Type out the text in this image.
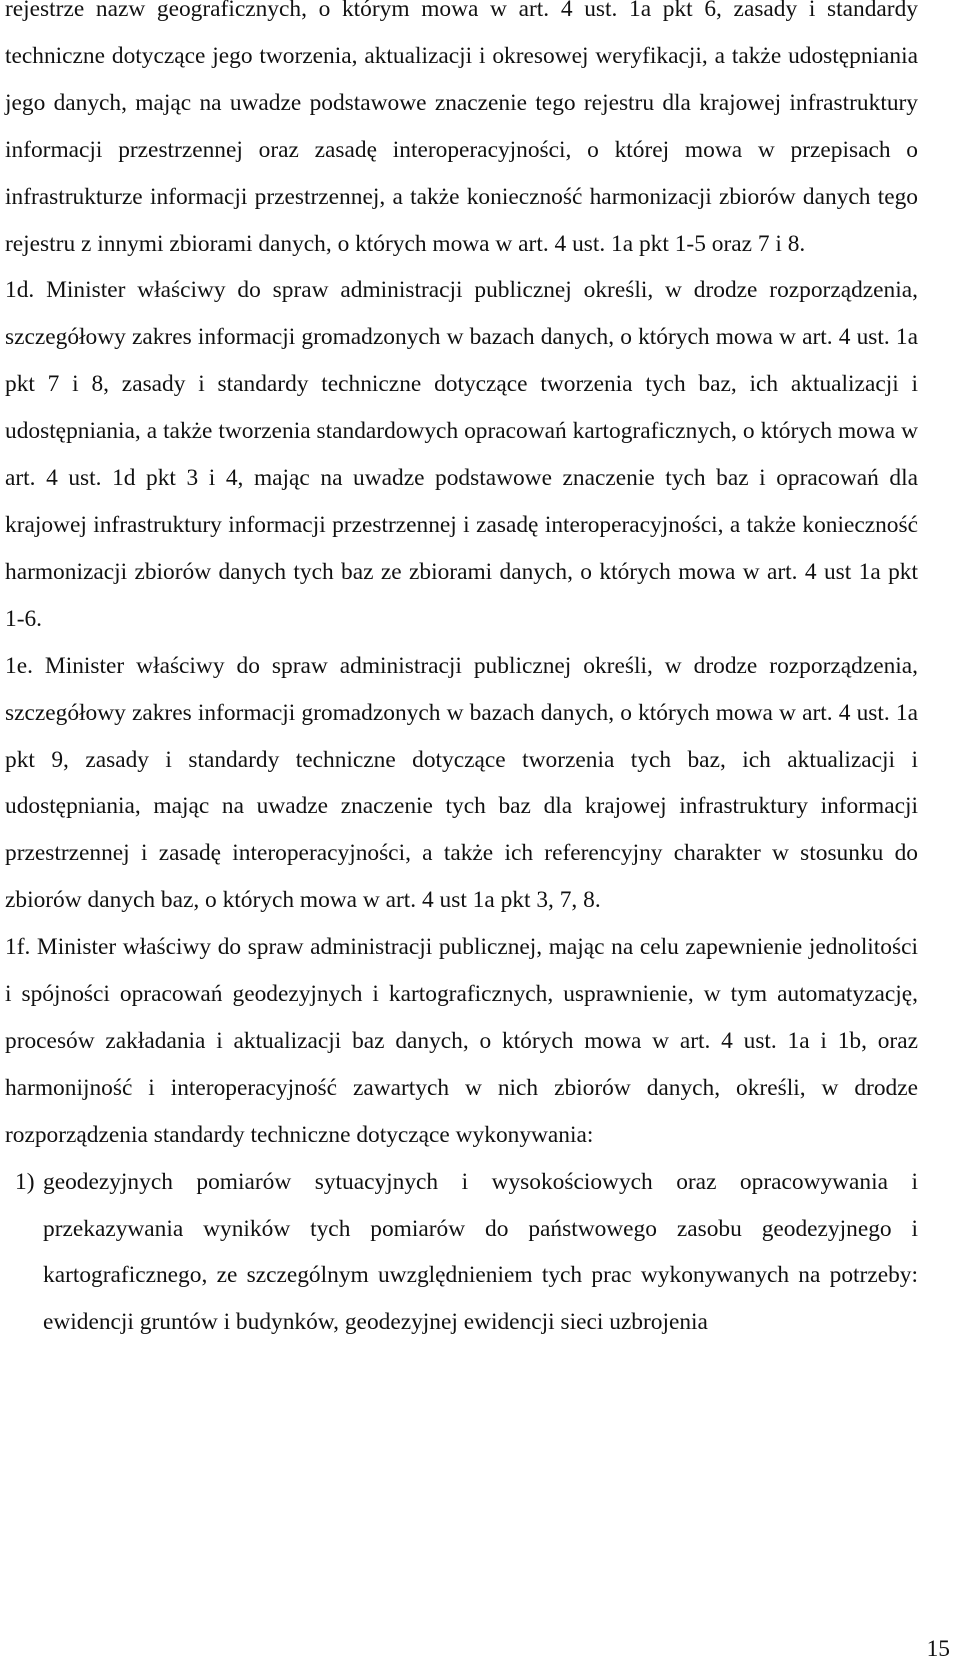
rejestrze nazw geograficznych, o którym mowa w art. 4 ust. 1a pkt 6, zasady i standardy techniczne dotyczące jego tworzenia, aktualizacji i okresowej weryfikacji, a także udostępniania jego danych, mając na uwadze podstawowe znaczenie tego rejestru dla krajowej infrastruktury informacji przestrzennej oraz zasadę interoperacyjności, o której mowa w przepisach o infrastrukturze informacji przestrzennej, a także konieczność harmonizacji zbiorów danych tego rejestru z innymi zbiorami danych, o których mowa w art. 4 ust. 1a pkt 1-5 oraz 7 i 8.

1d. Minister właściwy do spraw administracji publicznej określi, w drodze rozporządzenia, szczegółowy zakres informacji gromadzonych w bazach danych, o których mowa w art. 4 ust. 1a pkt 7 i 8, zasady i standardy techniczne dotyczące tworzenia tych baz, ich aktualizacji i udostępniania, a także tworzenia standardowych opracowań kartograficznych, o których mowa w art. 4 ust. 1d pkt 3 i 4, mając na uwadze podstawowe znaczenie tych baz i opracowań dla krajowej infrastruktury informacji przestrzennej i zasadę interoperacyjności, a także konieczność harmonizacji zbiorów danych tych baz ze zbiorami danych, o których mowa w art. 4 ust 1a pkt 1-6.

1e. Minister właściwy do spraw administracji publicznej określi, w drodze rozporządzenia, szczegółowy zakres informacji gromadzonych w bazach danych, o których mowa w art. 4 ust. 1a pkt 9, zasady i standardy techniczne dotyczące tworzenia tych baz, ich aktualizacji i udostępniania, mając na uwadze znaczenie tych baz dla krajowej infrastruktury informacji przestrzennej i zasadę interoperacyjności, a także ich referencyjny charakter w stosunku do zbiorów danych baz, o których mowa w art. 4 ust 1a pkt 3, 7, 8.

1f. Minister właściwy do spraw administracji publicznej, mając na celu zapewnienie jednolitości i spójności opracowań geodezyjnych i kartograficznych, usprawnienie, w tym automatyzację, procesów zakładania i aktualizacji baz danych, o których mowa w art. 4 ust. 1a i 1b, oraz harmonijność i interoperacyjność zawartych w nich zbiorów danych, określi, w drodze rozporządzenia standardy techniczne dotyczące wykonywania:

1) geodezyjnych pomiarów sytuacyjnych i wysokościowych oraz opracowywania i przekazywania wyników tych pomiarów do państwowego zasobu geodezyjnego i kartograficznego, ze szczególnym uwzględnieniem tych prac wykonywanych na potrzeby: ewidencji gruntów i budynków, geodezyjnej ewidencji sieci uzbrojenia
15
